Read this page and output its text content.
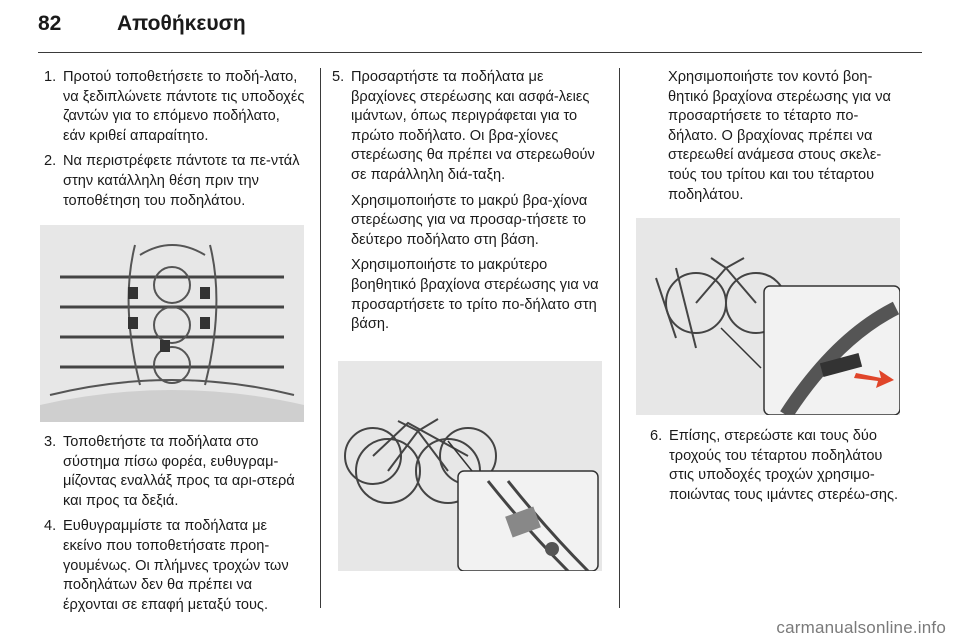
82	Αποθήκευση
1. Προτού τοποθετήσετε το ποδή‐λατο, να ξεδιπλώνετε πάντοτε τις υποδοχές ζαντών για το επόμενο ποδήλατο, εάν κριθεί απαραίτητο.
2. Να περιστρέφετε πάντοτε τα πε‐ντάλ στην κατάλληλη θέση πριν την τοποθέτηση του ποδηλάτου.
3. Τοποθετήστε τα ποδήλατα στο σύστημα πίσω φορέα, ευθυγραμ‐μίζοντας εναλλάξ προς τα αρι‐στερά και προς τα δεξιά.
4. Ευθυγραμμίστε τα ποδήλατα με εκείνο που τοποθετήσατε προη‐γουμένως. Οι πλήμνες τροχών των ποδηλάτων δεν θα πρέπει να έρχονται σε επαφή μεταξύ τους.
5. Προσαρτήστε τα ποδήλατα με βραχίονες στερέωσης και ασφά‐λειες ιμάντων, όπως περιγράφεται για το πρώτο ποδήλατο. Οι βρα‐χίονες στερέωσης θα πρέπει να στερεωθούν σε παράλληλη διά‐ταξη.

Χρησιμοποιήστε το μακρύ βρα‐χίονα στερέωσης για να προσαρ‐τήσετε το δεύτερο ποδήλατο στη βάση.

Χρησιμοποιήστε το μακρύτερο βοηθητικό βραχίονα στερέωσης για να προσαρτήσετε το τρίτο πο‐δήλατο στη βάση.

Χρησιμοποιήστε τον κοντό βοη‐θητικό βραχίονα στερέωσης για να προσαρτήσετε το τέταρτο πο‐δήλατο. Ο βραχίονας πρέπει να στερεωθεί ανάμεσα στους σκελε‐τούς του τρίτου και του τέταρτου ποδηλάτου.

6. Επίσης, στερεώστε και τους δύο τροχούς του τέταρτου ποδηλάτου στις υποδοχές τροχών χρησιμο‐ποιώντας τους ιμάντες στερέω‐σης.
carmanualsonline.info
